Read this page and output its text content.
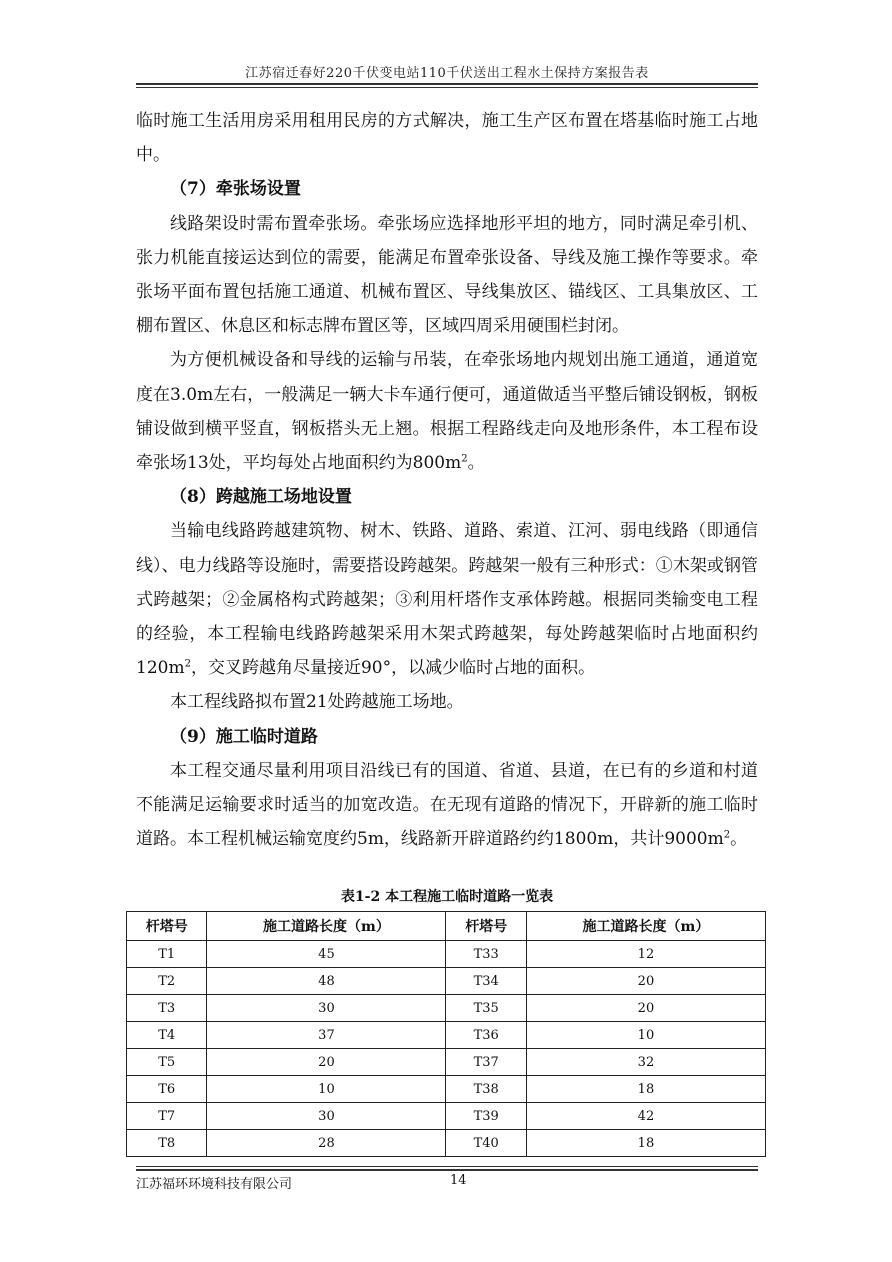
江苏宿迁春好220千伏变电站110千伏送出工程水土保持方案报告表

临时施工生活用房采用租用民房的方式解决，施工生产区布置在塔基临时施工占地中。

（7）牵张场设置

线路架设时需布置牵张场。牵张场应选择地形平坦的地方，同时满足牵引机、张力机能直接运达到位的需要，能满足布置牵张设备、导线及施工操作等要求。牵张场平面布置包括施工通道、机械布置区、导线集放区、锚线区、工具集放区、工棚布置区、休息区和标志牌布置区等，区域四周采用硬围栏封闭。

为方便机械设备和导线的运输与吊装，在牵张场地内规划出施工通道，通道宽度在3.0m左右，一般满足一辆大卡车通行便可，通道做适当平整后铺设钢板，钢板铺设做到横平竖直，钢板搭头无上翘。根据工程路线走向及地形条件，本工程布设牵张场13处，平均每处占地面积约为$800m^2$。

（8）跨越施工场地设置

当输电线路跨越建筑物、树木、铁路、道路、索道、江河、弱电线路（即通信线）、电力线路等设施时，需要搭设跨越架。跨越架一般有三种形式：①木架或钢管式跨越架；②金属格构式跨越架；③利用杆塔作支承体跨越。根据同类输变电工程的经验，本工程输电线路跨越架采用木架式跨越架，每处跨越架临时占地面积约$120m^2$，交叉跨越角尽量接近90°，以减少临时占地的面积。

本工程线路拟布置21处跨越施工场地。

（9）施工临时道路

本工程交通尽量利用项目沿线已有的国道、省道、县道，在已有的乡道和村道不能满足运输要求时适当的加宽改造。在无现有道路的情况下，开辟新的施工临时道路。本工程机械运输宽度约5m，线路新开辟道路约约1800m，共计$9000m^2$。

表1-2 本工程施工临时道路一览表
杆塔号	施工道路长度（m）	杆塔号	施工道路长度（m）
T1	45	T33	12
T2	48	T34	20
T3	30	T35	20
T4	37	T36	10
T5	20	T37	32
T6	10	T38	18
T7	30	T39	42
T8	28	T40	18
江苏福环环境科技有限公司	14
